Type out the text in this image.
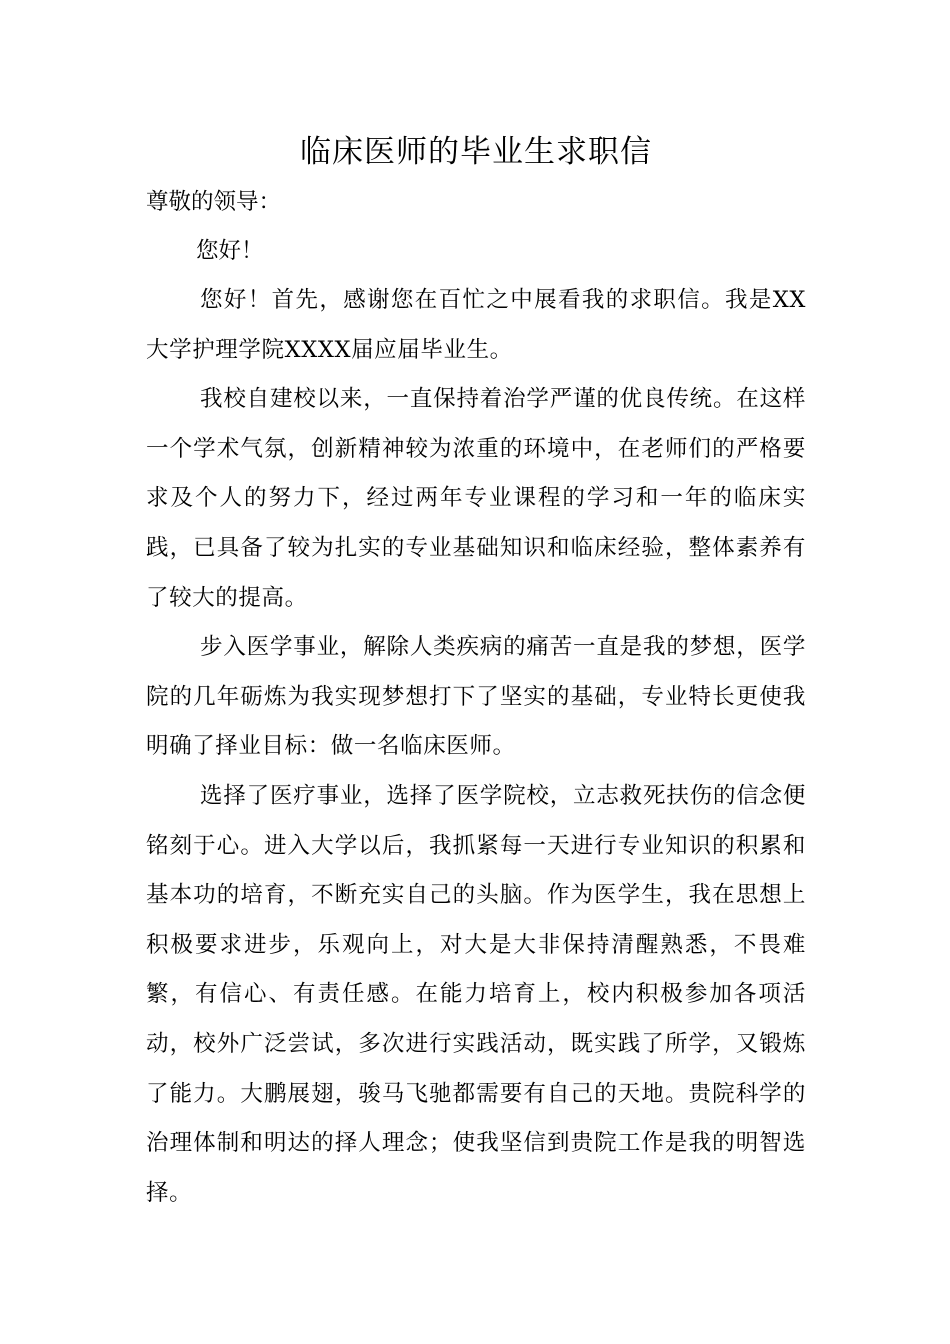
临床医师的毕业生求职信

尊敬的领导：

您好！

您好！首先，感谢您在百忙之中展看我的求职信。我是XX大学护理学院XXXX届应届毕业生。

我校自建校以来，一直保持着治学严谨的优良传统。在这样一个学术气氛，创新精神较为浓重的环境中，在老师们的严格要求及个人的努力下，经过两年专业课程的学习和一年的临床实践，已具备了较为扎实的专业基础知识和临床经验，整体素养有了较大的提高。

步入医学事业，解除人类疾病的痛苦一直是我的梦想，医学院的几年砺炼为我实现梦想打下了坚实的基础，专业特长更使我明确了择业目标：做一名临床医师。

选择了医疗事业，选择了医学院校，立志救死扶伤的信念便铭刻于心。进入大学以后，我抓紧每一天进行专业知识的积累和基本功的培育，不断充实自己的头脑。作为医学生，我在思想上积极要求进步，乐观向上，对大是大非保持清醒熟悉，不畏难繁，有信心、有责任感。在能力培育上，校内积极参加各项活动，校外广泛尝试，多次进行实践活动，既实践了所学，又锻炼了能力。大鹏展翅，骏马飞驰都需要有自己的天地。贵院科学的治理体制和明达的择人理念；使我坚信到贵院工作是我的明智选择。
